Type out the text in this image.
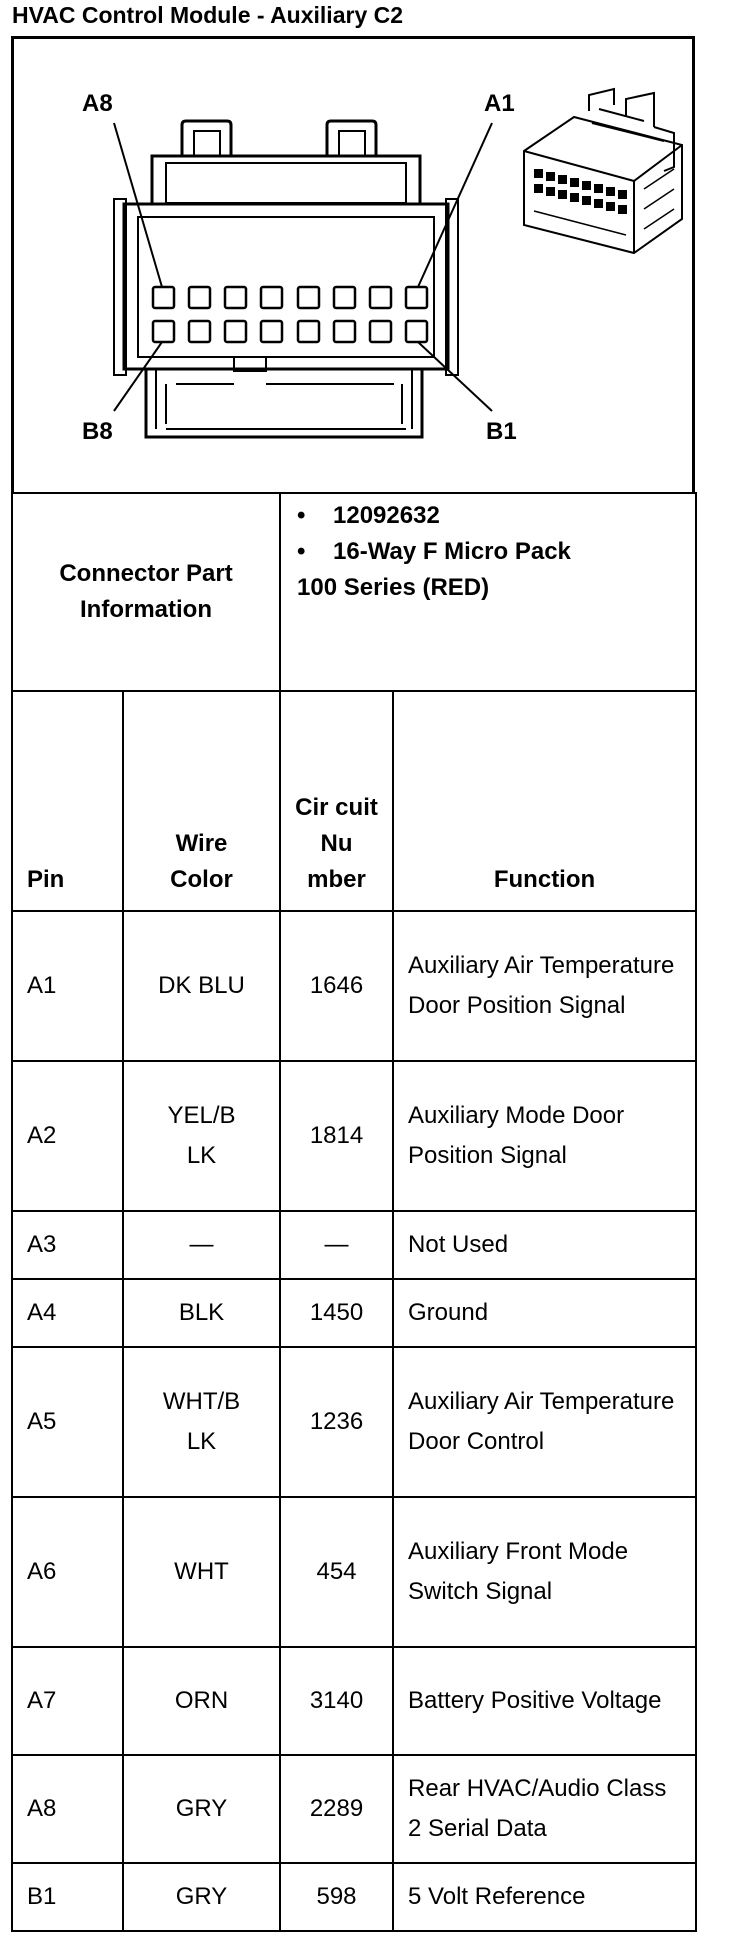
HVAC Control Module - Auxiliary C2
A8	A1
B8	B1
Connector Part Information		• 12092632
• 16-Way F Micro Pack
100 Series (RED)	

Pin	Wire Color	Cir cuit Nu mber	Function
A1	DK BLU	1646	Auxiliary Air Temperature Door Position Signal
A2	YEL/BLK	1814	Auxiliary Mode Door Position Signal
A3	—	—	Not Used
A4	BLK	1450	Ground
A5	WHT/BLK	1236	Auxiliary Air Temperature Door Control
A6	WHT	454	Auxiliary Front Mode Switch Signal
A7	ORN	3140	Battery Positive Voltage
A8	GRY	2289	Rear HVAC/Audio Class 2 Serial Data
B1	GRY	598	5 Volt Reference
